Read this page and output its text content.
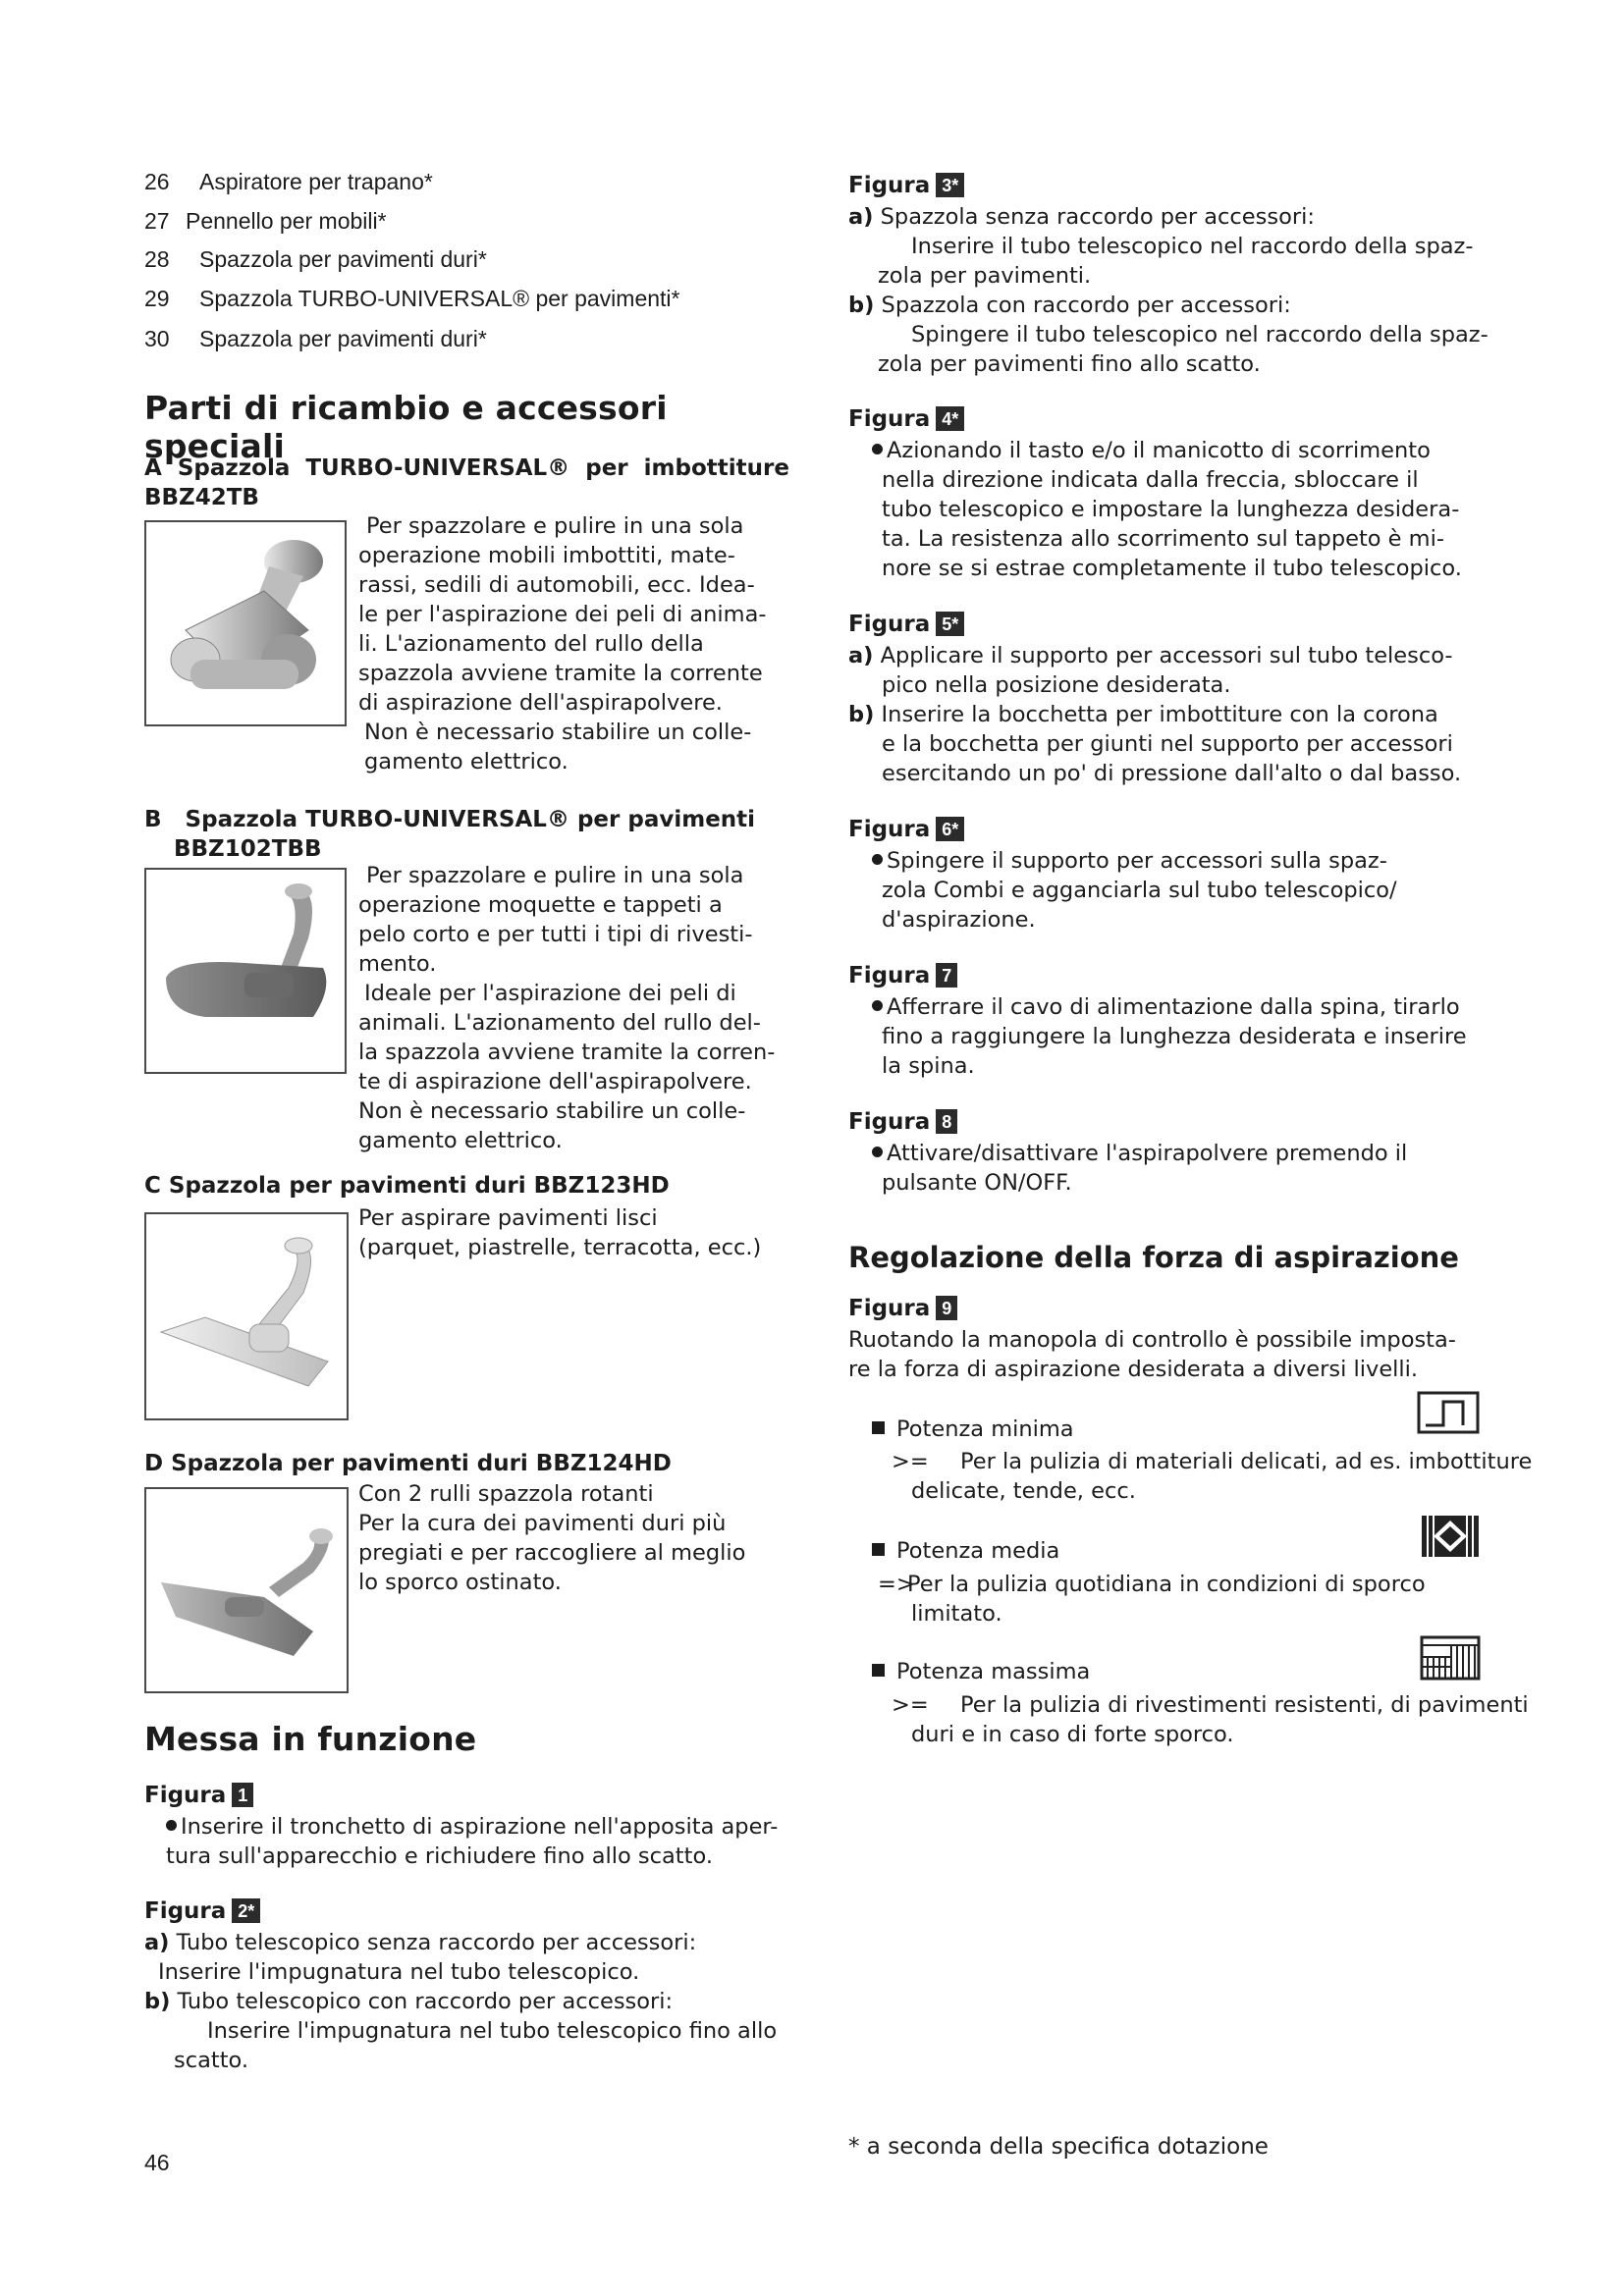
26 Aspiratore per trapano*
27 Pennello per mobili*
28 Spazzola per pavimenti duri*
29 Spazzola TURBO-UNIVERSAL® per pavimenti*
30 Spazzola per pavimenti duri*
Parti di ricambio e accessori speciali
A  Spazzola  TURBO-UNIVERSAL®  per  imbottiture
BBZ42TB
Per spazzolare e pulire in una sola
operazione mobili imbottiti, mate-
rassi, sedili di automobili, ecc. Idea-
le per l'aspirazione dei peli di anima-
li. L'azionamento del rullo della
spazzola avviene tramite la corrente
di aspirazione dell'aspirapolvere.
Non è necessario stabilire un colle-
gamento elettrico.
B   Spazzola TURBO-UNIVERSAL® per pavimenti
BBZ102TBB
Per spazzolare e pulire in una sola
operazione moquette e tappeti a
pelo corto e per tutti i tipi di rivesti-
mento.
Ideale per l'aspirazione dei peli di
animali. L'azionamento del rullo del-
la spazzola avviene tramite la corren-
te di aspirazione dell'aspirapolvere.
Non è necessario stabilire un colle-
gamento elettrico.
C Spazzola per pavimenti duri BBZ123HD
Per aspirare pavimenti lisci
(parquet, piastrelle, terracotta, ecc.)
D Spazzola per pavimenti duri BBZ124HD
Con 2 rulli spazzola rotanti
Per la cura dei pavimenti duri più
pregiati e per raccogliere al meglio
lo sporco ostinato.
Messa in funzione
Figura 1
Inserire il tronchetto di aspirazione nell'apposita aper-
tura sull'apparecchio e richiudere fino allo scatto.
Figura 2*
a) Tubo telescopico senza raccordo per accessori:
Inserire l'impugnatura nel tubo telescopico.
b) Tubo telescopico con raccordo per accessori:
Inserire l'impugnatura nel tubo telescopico fino allo
scatto.
46
Figura 3*
a) Spazzola senza raccordo per accessori:
Inserire il tubo telescopico nel raccordo della spaz-
zola per pavimenti.
b) Spazzola con raccordo per accessori:
Spingere il tubo telescopico nel raccordo della spaz-
zola per pavimenti fino allo scatto.
Figura 4*
Azionando il tasto e/o il manicotto di scorrimento
nella direzione indicata dalla freccia, sbloccare il
tubo telescopico e impostare la lunghezza desidera-
ta. La resistenza allo scorrimento sul tappeto è mi-
nore se si estrae completamente il tubo telescopico.
Figura 5*
a) Applicare il supporto per accessori sul tubo telesco-
pico nella posizione desiderata.
b) Inserire la bocchetta per imbottiture con la corona
e la bocchetta per giunti nel supporto per accessori
esercitando un po' di pressione dall'alto o dal basso.
Figura 6*
Spingere il supporto per accessori sulla spaz-
zola Combi e agganciarla sul tubo telescopico/
d'aspirazione.
Figura 7
Afferrare il cavo di alimentazione dalla spina, tirarlo
fino a raggiungere la lunghezza desiderata e inserire
la spina.
Figura 8
Attivare/disattivare l'aspirapolvere premendo il
pulsante ON/OFF.
Regolazione della forza di aspirazione
Figura 9
Ruotando la manopola di controllo è possibile imposta-
re la forza di aspirazione desiderata a diversi livelli.
Potenza minima
>= Per la pulizia di materiali delicati, ad es. imbottiture
delicate, tende, ecc.
Potenza media
=>Per la pulizia quotidiana in condizioni di sporco
limitato.
Potenza massima
>= Per la pulizia di rivestimenti resistenti, di pavimenti
duri e in caso di forte sporco.
* a seconda della specifica dotazione
